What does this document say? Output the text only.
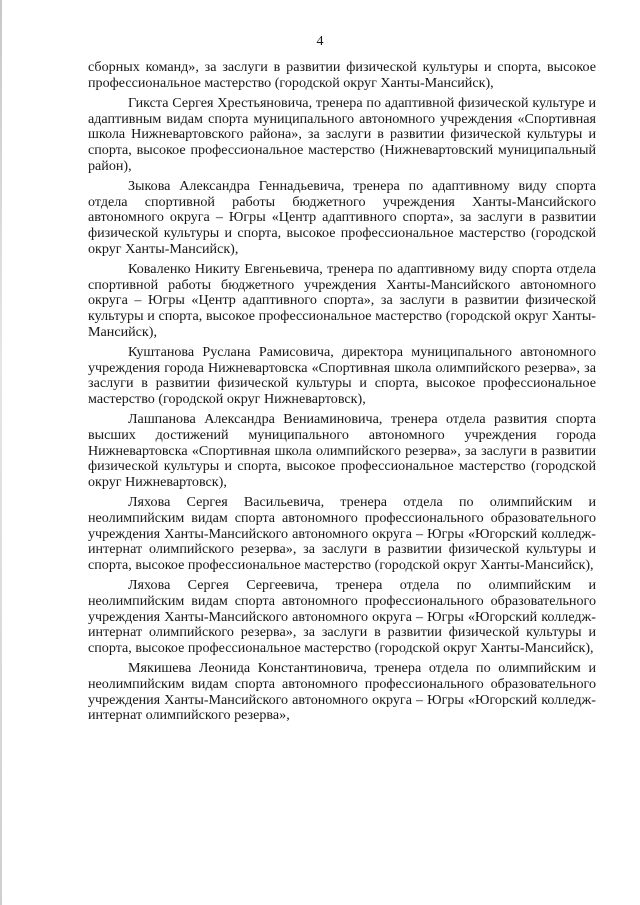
4

сборных команд», за заслуги в развитии физической культуры и спорта, высокое профессиональное мастерство (городской округ Ханты-Мансийск),

Гикста Сергея Хрестьяновича, тренера по адаптивной физической культуре и адаптивным видам спорта муниципального автономного учреждения «Спортивная школа Нижневартовского района», за заслуги в развитии физической культуры и спорта, высокое профессиональное мастерство (Нижневартовский муниципальный район),

Зыкова Александра Геннадьевича, тренера по адаптивному виду спорта отдела спортивной работы бюджетного учреждения Ханты-Мансийского автономного округа – Югры «Центр адаптивного спорта», за заслуги в развитии физической культуры и спорта, высокое профессиональное мастерство (городской округ Ханты-Мансийск),

Коваленко Никиту Евгеньевича, тренера по адаптивному виду спорта отдела спортивной работы бюджетного учреждения Ханты-Мансийского автономного округа – Югры «Центр адаптивного спорта», за заслуги в развитии физической культуры и спорта, высокое профессиональное мастерство (городской округ Ханты-Мансийск),

Куштанова Руслана Рамисовича, директора муниципального автономного учреждения города Нижневартовска «Спортивная школа олимпийского резерва», за заслуги в развитии физической культуры и спорта, высокое профессиональное мастерство (городской округ Нижневартовск),

Лашпанова Александра Вениаминовича, тренера отдела развития спорта высших достижений муниципального автономного учреждения города Нижневартовска «Спортивная школа олимпийского резерва», за заслуги в развитии физической культуры и спорта, высокое профессиональное мастерство (городской округ Нижневартовск),

Ляхова Сергея Васильевича, тренера отдела по олимпийским и неолимпийским видам спорта автономного профессионального образовательного учреждения Ханты-Мансийского автономного округа – Югры «Югорский колледж-интернат олимпийского резерва», за заслуги в развитии физической культуры и спорта, высокое профессиональное мастерство (городской округ Ханты-Мансийск),

Ляхова Сергея Сергеевича, тренера отдела по олимпийским и неолимпийским видам спорта автономного профессионального образовательного учреждения Ханты-Мансийского автономного округа – Югры «Югорский колледж-интернат олимпийского резерва», за заслуги в развитии физической культуры и спорта, высокое профессиональное мастерство (городской округ Ханты-Мансийск),

Мякишева Леонида Константиновича, тренера отдела по олимпийским и неолимпийским видам спорта автономного профессионального образовательного учреждения Ханты-Мансийского автономного округа – Югры «Югорский колледж-интернат олимпийского резерва»,
